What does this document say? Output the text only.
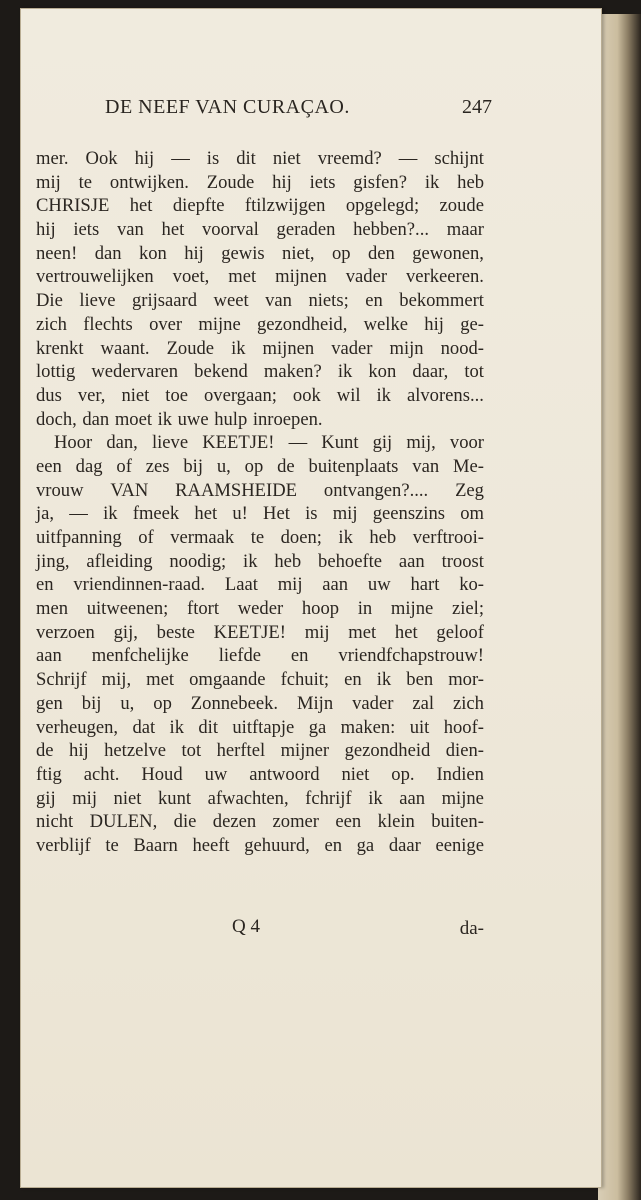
DE NEEF VAN CURAÇAO.	247
mer. Ook hij — is dit niet vreemd? — schijnt
mij te ontwijken. Zoude hij iets gisfen? ik heb
CHRISJE het diepfte ftilzwijgen opgelegd; zoude
hij iets van het voorval geraden hebben?... maar
neen! dan kon hij gewis niet, op den gewonen,
vertrouwelijken voet, met mijnen vader verkeeren.
Die lieve grijsaard weet van niets; en bekommert
zich flechts over mijne gezondheid, welke hij ge-
krenkt waant. Zoude ik mijnen vader mijn nood-
lottig wedervaren bekend maken? ik kon daar, tot
dus ver, niet toe overgaan; ook wil ik alvorens...
doch, dan moet ik uwe hulp inroepen.
Hoor dan, lieve KEETJE! — Kunt gij mij, voor
een dag of zes bij u, op de buitenplaats van Me-
vrouw VAN RAAMSHEIDE ontvangen?.... Zeg
ja, — ik fmeek het u! Het is mij geenszins om
uitfpanning of vermaak te doen; ik heb verftrooi-
jing, afleiding noodig; ik heb behoefte aan troost
en vriendinnen-raad. Laat mij aan uw hart ko-
men uitweenen; ftort weder hoop in mijne ziel;
verzoen gij, beste KEETJE! mij met het geloof
aan menfchelijke liefde en vriendfchapstrouw!
Schrijf mij, met omgaande fchuit; en ik ben mor-
gen bij u, op Zonnebeek. Mijn vader zal zich
verheugen, dat ik dit uitftapje ga maken: uit hoof-
de hij hetzelve tot herftel mijner gezondheid dien-
ftig acht. Houd uw antwoord niet op. Indien
gij mij niet kunt afwachten, fchrijf ik aan mijne
nicht DULEN, die dezen zomer een klein buiten-
verblijf te Baarn heeft gehuurd, en ga daar eenige
Q 4	da-
